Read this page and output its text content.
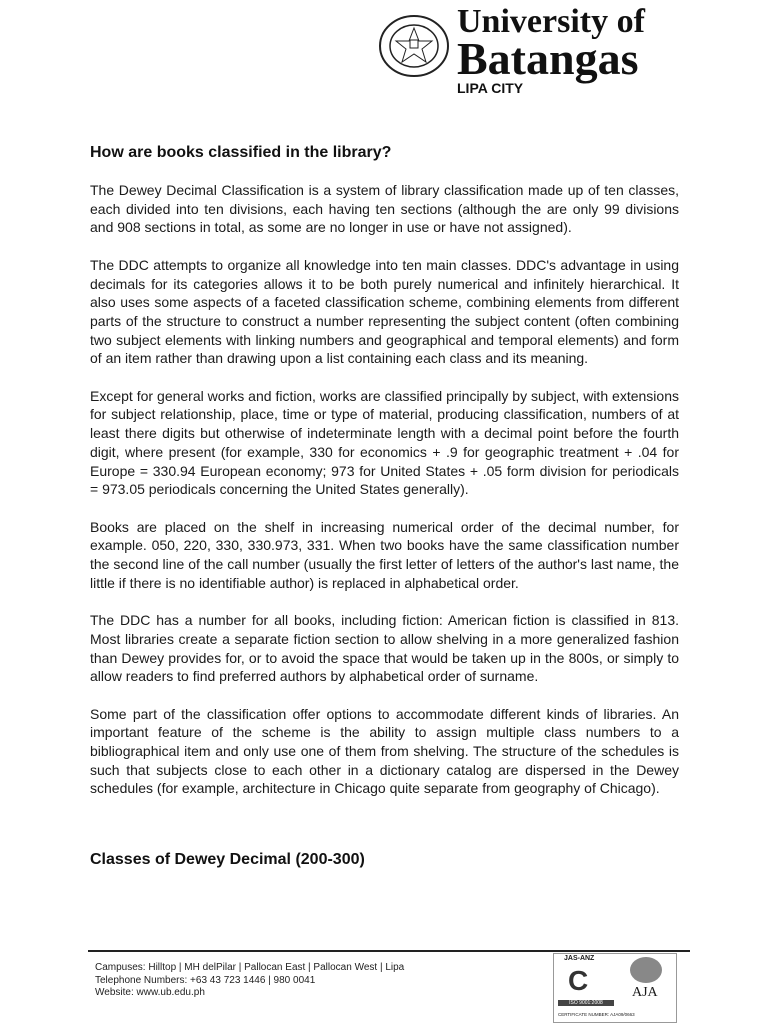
University of
Batangas
LIPA CITY
How are books classified in the library?

The Dewey Decimal Classification is a system of library classification made up of ten classes, each divided into ten divisions, each having ten sections (although the are only 99 divisions and 908 sections in total, as some are no longer in use or have not assigned).

The DDC attempts to organize all knowledge into ten main classes. DDC's advantage in using decimals for its categories allows it to be both purely numerical and infinitely hierarchical. It also uses some aspects of a faceted classification scheme, combining elements from different parts of the structure to construct a number representing the subject content (often combining two subject elements with linking numbers and geographical and temporal elements) and form of an item rather than drawing upon a list containing each class and its meaning.

Except for general works and fiction, works are classified principally by subject, with extensions for subject relationship, place, time or type of material, producing classification, numbers of at least there digits but otherwise of indeterminate length with a decimal point before the fourth digit, where present (for example, 330 for economics + .9 for geographic treatment + .04 for Europe = 330.94 European economy; 973 for United States + .05 form division for periodicals = 973.05 periodicals concerning the United States generally).

Books are placed on the shelf in increasing numerical order of the decimal number, for example. 050, 220, 330, 330.973, 331. When two books have the same classification number the second line of the call number (usually the first letter of letters of the author's last name, the little if there is no identifiable author) is replaced in alphabetical order.

The DDC has a number for all books, including fiction: American fiction is classified in 813. Most libraries create a separate fiction section to allow shelving in a more generalized fashion than Dewey provides for, or to avoid the space that would be taken up in the 800s, or simply to allow readers to find preferred authors by alphabetical order of surname.

Some part of the classification offer options to accommodate different kinds of libraries. An important feature of the scheme is the ability to assign multiple class numbers to a bibliographical item and only use one of them from shelving. The structure of the schedules is such that subjects close to each other in a dictionary catalog are dispersed in the Dewey schedules (for example, architecture in Chicago quite separate from geography of Chicago).

Classes of Dewey Decimal (200-300)
Campuses: Hilltop | MH delPilar | Pallocan East | Pallocan West | Lipa
Telephone Numbers: +63 43 723 1446 | 980 0041
Website: www.ub.edu.ph
JAS-ANZ
C
ISO 9001:2008
AJA
CERTIFICATE NUMBER: AJA09/0663
